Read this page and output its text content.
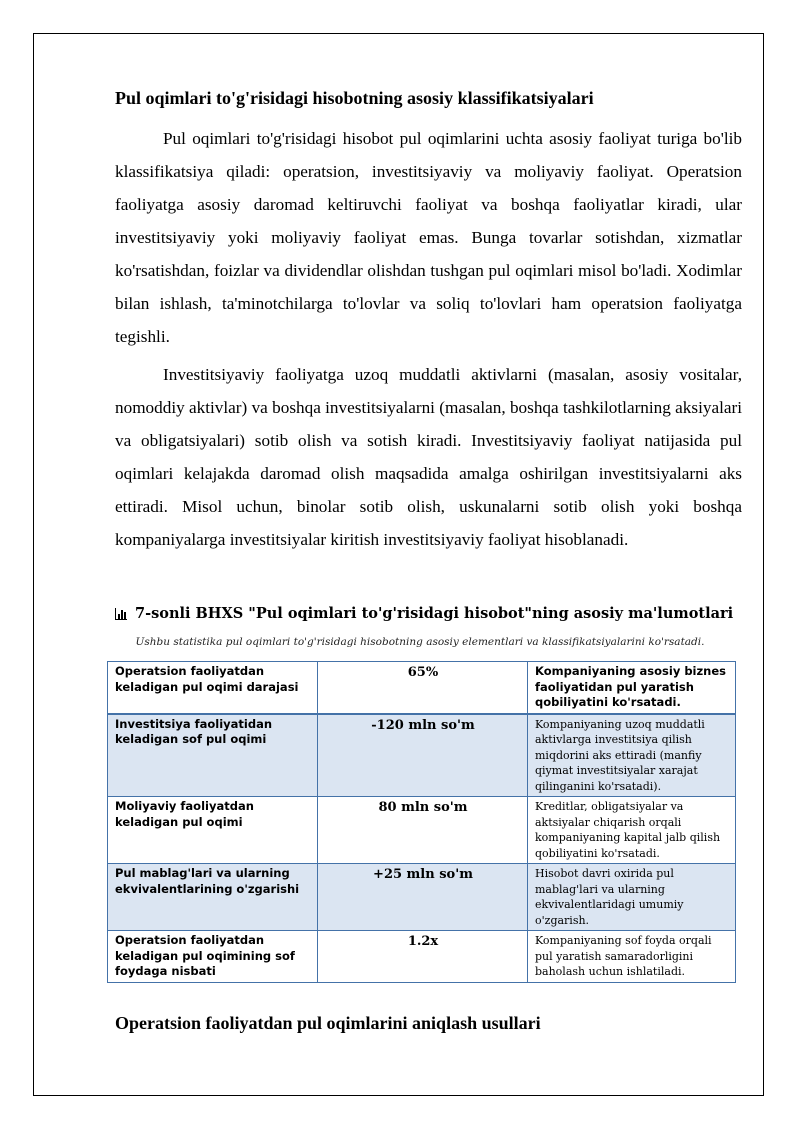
Pul oqimlari to'g'risidagi hisobotning asosiy klassifikatsiyalari

Pul oqimlari to'g'risidagi hisobot pul oqimlarini uchta asosiy faoliyat turiga bo'lib klassifikatsiya qiladi: operatsion, investitsiyaviy va moliyaviy faoliyat. Operatsion faoliyatga asosiy daromad keltiruvchi faoliyat va boshqa faoliyatlar kiradi, ular investitsiyaviy yoki moliyaviy faoliyat emas. Bunga tovarlar sotishdan, xizmatlar ko'rsatishdan, foizlar va dividendlar olishdan tushgan pul oqimlari misol bo'ladi. Xodimlar bilan ishlash, ta'minotchilarga to'lovlar va soliq to'lovlari ham operatsion faoliyatga tegishli.

Investitsiyaviy faoliyatga uzoq muddatli aktivlarni (masalan, asosiy vositalar, nomoddiy aktivlar) va boshqa investitsiyalarni (masalan, boshqa tashkilotlarning aksiyalari va obligatsiyalari) sotib olish va sotish kiradi. Investitsiyaviy faoliyat natijasida pul oqimlari kelajakda daromad olish maqsadida amalga oshirilgan investitsiyalarni aks ettiradi. Misol uchun, binolar sotib olish, uskunalarni sotib olish yoki boshqa kompaniyalarga investitsiyalar kiritish investitsiyaviy faoliyat hisoblanadi.

7-sonli BHXS "Pul oqimlari to'g'risidagi hisobot"ning asosiy ma'lumotlari
Ushbu statistika pul oqimlari to'g'risidagi hisobotning asosiy elementlari va klassifikatsiyalarini ko'rsatadi.
Operatsion faoliyatdan keladigan pul oqimi darajasi	65%	Kompaniyaning asosiy biznes faoliyatidan pul yaratish qobiliyatini ko'rsatadi.
Investitsiya faoliyatidan keladigan sof pul oqimi	-120 mln so'm	Kompaniyaning uzoq muddatli aktivlarga investitsiya qilish miqdorini aks ettiradi (manfiy qiymat investitsiyalar xarajat qilinganini ko'rsatadi).
Moliyaviy faoliyatdan keladigan pul oqimi	80 mln so'm	Kreditlar, obligatsiyalar va aktsiyalar chiqarish orqali kompaniyaning kapital jalb qilish qobiliyatini ko'rsatadi.
Pul mablag'lari va ularning ekvivalentlarining o'zgarishi	+25 mln so'm	Hisobot davri oxirida pul mablag'lari va ularning ekvivalentlaridagi umumiy o'zgarish.
Operatsion faoliyatdan keladigan pul oqimining sof foydaga nisbati	1.2x	Kompaniyaning sof foyda orqali pul yaratish samaradorligini baholash uchun ishlatiladi.
Operatsion faoliyatdan pul oqimlarini aniqlash usullari
